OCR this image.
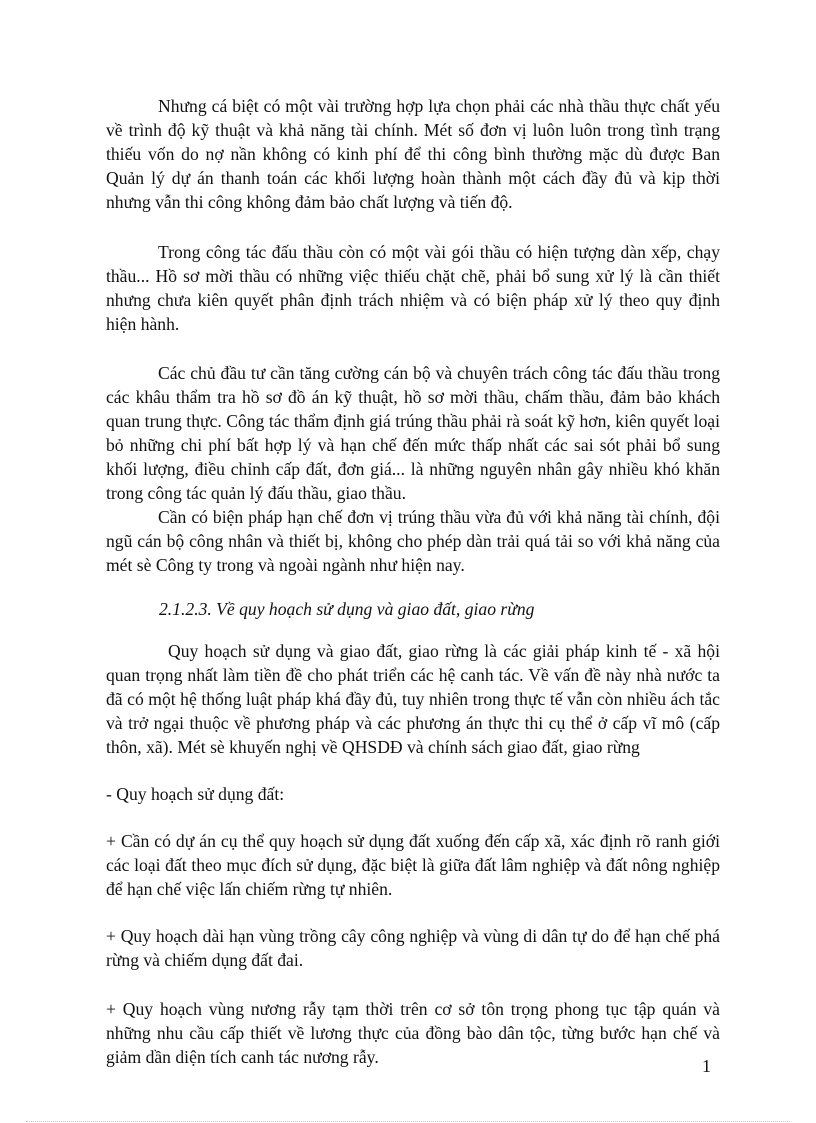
Nhưng cá biệt có một vài trường hợp lựa chọn phải các nhà thầu thực chất yếu về trình độ kỹ thuật và khả năng tài chính. Mét số đơn vị luôn luôn trong tình trạng thiếu vốn do nợ nần không có kinh phí để thi công bình thường mặc dù được Ban Quản lý dự án thanh toán các khối lượng hoàn thành một cách đầy đủ và kịp thời nhưng vẫn thi công không đảm bảo chất lượng và tiến độ.

Trong công tác đấu thầu còn có một vài gói thầu có hiện tượng dàn xếp, chạy thầu... Hồ sơ mời thầu có những việc thiếu chặt chẽ, phải bổ sung xử lý là cần thiết nhưng chưa kiên quyết phân định trách nhiệm và có biện pháp xử lý theo quy định hiện hành.

Các chủ đầu tư cần tăng cường cán bộ và chuyên trách công tác đấu thầu trong các khâu thẩm tra hồ sơ đồ án kỹ thuật, hồ sơ mời thầu, chấm thầu, đảm bảo khách quan trung thực. Công tác thẩm định giá trúng thầu phải rà soát kỹ hơn, kiên quyết loại bỏ những chi phí bất hợp lý và hạn chế đến mức thấp nhất các sai sót phải bổ sung khối lượng, điều chỉnh cấp đất, đơn giá... là những nguyên nhân gây nhiều khó khăn trong công tác quản lý đấu thầu, giao thầu.

Cần có biện pháp hạn chế đơn vị trúng thầu vừa đủ với khả năng tài chính, đội ngũ cán bộ công nhân và thiết bị, không cho phép dàn trải quá tải so với khả năng của mét sè Công ty trong và ngoài ngành như hiện nay.

2.1.2.3. Về quy hoạch sử dụng và giao đất, giao rừng

Quy hoạch sử dụng và giao đất, giao rừng là các giải pháp kinh tế - xã hội quan trọng nhất làm tiền đề cho phát triển các hệ canh tác. Về vấn đề này nhà nước ta đã có một hệ thống luật pháp khá đầy đủ, tuy nhiên trong thực tế vẫn còn nhiều ách tắc và trở ngại thuộc về phương pháp và các phương án thực thi cụ thể ở cấp vĩ mô (cấp thôn, xã). Mét sè khuyến nghị về QHSDĐ và chính sách giao đất, giao rừng

- Quy hoạch sử dụng đất:

+ Cần có dự án cụ thể quy hoạch sử dụng đất xuống đến cấp xã, xác định rõ ranh giới các loại đất theo mục đích sử dụng, đặc biệt là giữa đất lâm nghiệp và đất nông nghiệp để hạn chế việc lấn chiếm rừng tự nhiên.

+ Quy hoạch dài hạn vùng trồng cây công nghiệp và vùng di dân tự do để hạn chế phá rừng và chiếm dụng đất đai.

+ Quy hoạch vùng nương rẫy tạm thời trên cơ sở tôn trọng phong tục tập quán và những nhu cầu cấp thiết về lương thực của đồng bào dân tộc, từng bước hạn chế và giảm dần diện tích canh tác nương rẫy.	1
